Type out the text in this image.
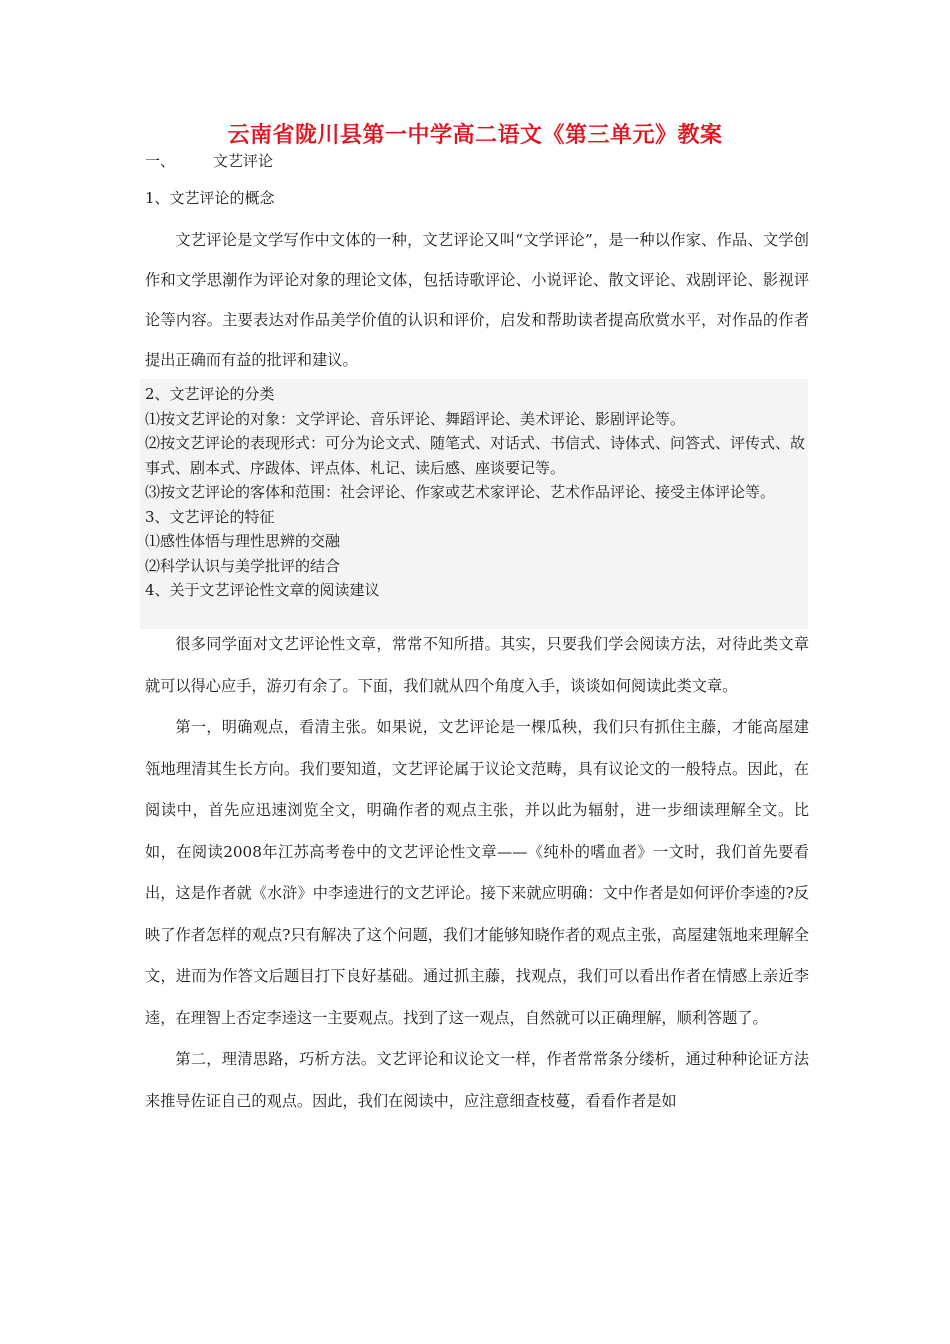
云南省陇川县第一中学高二语文《第三单元》教案
一、	文艺评论
1、文艺评论的概念

文艺评论是文学写作中文体的一种，文艺评论又叫“文学评论”，是一种以作家、作品、文学创作和文学思潮作为评论对象的理论文体，包括诗歌评论、小说评论、散文评论、戏剧评论、影视评论等内容。主要表达对作品美学价值的认识和评价，启发和帮助读者提高欣赏水平，对作品的作者提出正确而有益的批评和建议。

2、文艺评论的分类

⑴按文艺评论的对象：文学评论、音乐评论、舞蹈评论、美术评论、影剧评论等。

⑵按文艺评论的表现形式：可分为论文式、随笔式、对话式、书信式、诗体式、问答式、评传式、故事式、剧本式、序跋体、评点体、札记、读后感、座谈要记等。

⑶按文艺评论的客体和范围：社会评论、作家或艺术家评论、艺术作品评论、接受主体评论等。

3、文艺评论的特征

⑴感性体悟与理性思辨的交融

⑵科学认识与美学批评的结合

4、关于文艺评论性文章的阅读建议

很多同学面对文艺评论性文章，常常不知所措。其实，只要我们学会阅读方法，对待此类文章就可以得心应手，游刃有余了。下面，我们就从四个角度入手，谈谈如何阅读此类文章。

第一，明确观点，看清主张。如果说，文艺评论是一棵瓜秧，我们只有抓住主藤，才能高屋建瓴地理清其生长方向。我们要知道，文艺评论属于议论文范畴，具有议论文的一般特点。因此，在阅读中，首先应迅速浏览全文，明确作者的观点主张，并以此为辐射，进一步细读理解全文。比如，在阅读2008年江苏高考卷中的文艺评论性文章——《纯朴的嗜血者》一文时，我们首先要看出，这是作者就《水浒》中李逵进行的文艺评论。接下来就应明确：文中作者是如何评价李逵的?反映了作者怎样的观点?只有解决了这个问题，我们才能够知晓作者的观点主张，高屋建瓴地来理解全文，进而为作答文后题目打下良好基础。通过抓主藤，找观点，我们可以看出作者在情感上亲近李逵，在理智上否定李逵这一主要观点。找到了这一观点，自然就可以正确理解，顺利答题了。

第二，理清思路，巧析方法。文艺评论和议论文一样，作者常常条分缕析，通过种种论证方法来推导佐证自己的观点。因此，我们在阅读中，应注意细查枝蔓，看看作者是如
